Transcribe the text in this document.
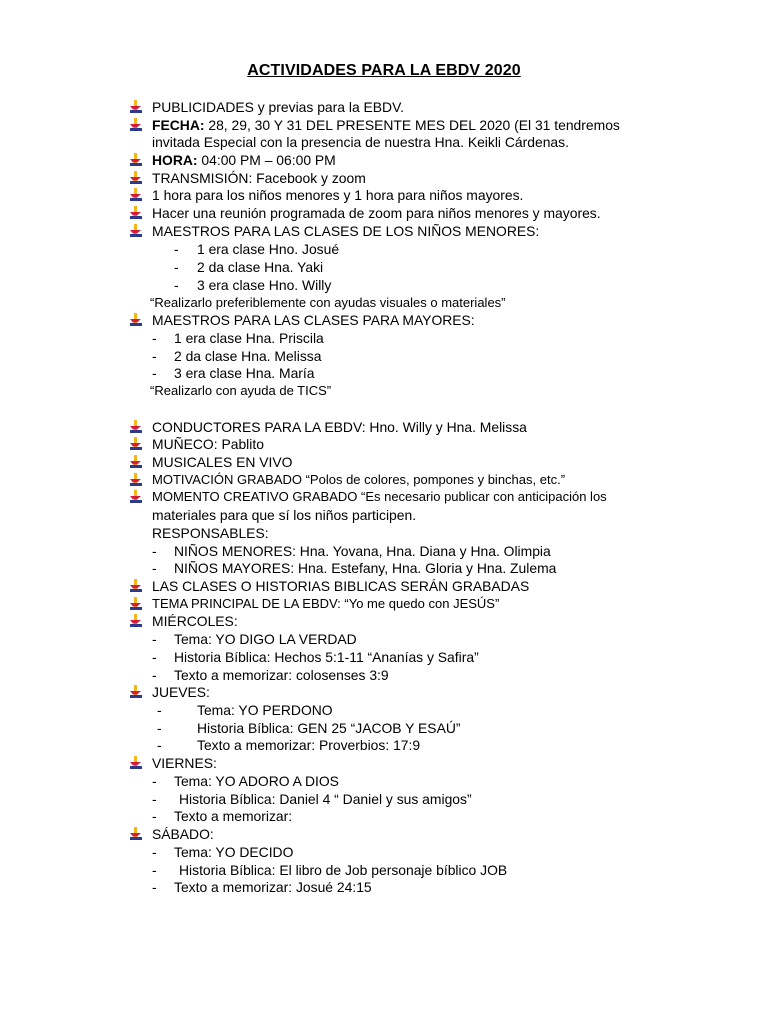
ACTIVIDADES PARA LA EBDV 2020
PUBLICIDADES y previas para la EBDV.
FECHA: 28, 29, 30 Y 31 DEL PRESENTE MES DEL 2020 (El 31 tendremos
invitada Especial con la presencia de nuestra Hna. Keikli Cárdenas.
HORA: 04:00 PM – 06:00 PM
TRANSMISIÓN: Facebook y zoom
1 hora para los niños menores y 1 hora para niños mayores.
Hacer una reunión programada de zoom para niños menores y mayores.
MAESTROS PARA LAS CLASES DE LOS NIÑOS MENORES:
- 1 era clase Hno. Josué
- 2 da clase Hna. Yaki
- 3 era clase Hno. Willy
“Realizarlo preferiblemente con ayudas visuales o materiales”
MAESTROS PARA LAS CLASES PARA MAYORES:
- 1 era clase Hna. Priscila
- 2 da clase Hna. Melissa
- 3 era clase Hna. María
“Realizarlo con ayuda de TICS”
CONDUCTORES PARA LA EBDV: Hno. Willy y Hna. Melissa
MUÑECO: Pablito
MUSICALES EN VIVO
MOTIVACIÓN GRABADO “Polos de colores, pompones y binchas, etc.”
MOMENTO CREATIVO GRABADO “Es necesario publicar con anticipación los
materiales para que sí los niños participen.
RESPONSABLES:
- NIÑOS MENORES: Hna. Yovana, Hna. Diana y Hna. Olimpia
- NIÑOS MAYORES: Hna. Estefany, Hna. Gloria y Hna. Zulema
LAS CLASES O HISTORIAS BIBLICAS SERÁN GRABADAS
TEMA PRINCIPAL DE LA EBDV: “Yo me quedo con JESÚS”
MIÉRCOLES:
- Tema: YO DIGO LA VERDAD
- Historia Bíblica: Hechos 5:1-11 “Ananías y Safira”
- Texto a memorizar: colosenses 3:9
JUEVES:
-	Tema: YO PERDONO
-	Historia Bíblica: GEN 25 “JACOB Y ESAÚ”
-	Texto a memorizar: Proverbios: 17:9
VIERNES:
- Tema: YO ADORO A DIOS
- Historia Bíblica: Daniel 4 “ Daniel y sus amigos”
- Texto a memorizar:
SÁBADO:
- Tema: YO DECIDO
- Historia Bíblica: El libro de Job personaje bíblico JOB
- Texto a memorizar: Josué 24:15
